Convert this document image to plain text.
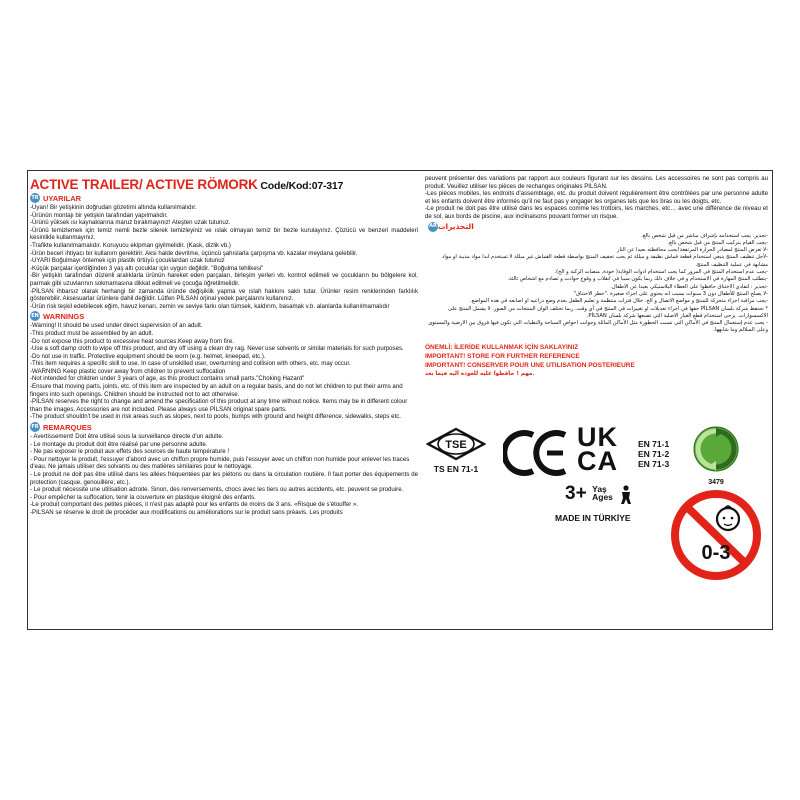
ACTIVE TRAILER/ ACTIVE RÖMORK Code/Kod:07-317
TR UYARILAR

-Uyarı! Bir yetişkinin doğrudan gözetimi altında kullanılmalıdır.

-Ürünün montajı bir yetişkin tarafından yapılmalıdır.

-Ürünü yüksek ısı kaynaklarına maruz bırakmayınız! Ateşten uzak tutunuz.

-Ürünü temizlemek için temiz nemli bezle silerek temizleyiniz ve ıslak olmayan temiz bir bezle kurulayınız. Çözücü ve benzeri maddeleri kesinlikle kullanmayınız.

-Trafikte kullanılmamalıdır. Koruyucu ekipman giyilmelidir. (Kask, dizlik vb.)

-Ürün beceri ihtiyacı bir kullanım gerektirir. Aksi halde devrilme, üçüncü şahıslarla çarpışma vb. kazalar meydana gelebilir.

-UYARI Boğulmayı önlemek için plastik örtüyü çocuklardan uzak tutunuz

-Küçük parçalar içerdiğinden 3 yaş altı çocuklar için uygun değildir. "Boğulma tehlikesi"

-Bir yetişkin tarafından düzenli aralıklarla ürünün hareket eden parçaları, birleşim yerleri vb. kontrol edilmeli ve çocukların bu bölgelere kol, parmak gibi uzuvlarının sokmamasına dikkat edilmeli ve çocuğa öğretilmelidir.

-PİLSAN ihbarsız olarak herhangi bir zamanda üründe değişiklik yapma ve ıslah hakkını saklı tutar. Ürünler resim renklerinden farklılık gösterebilir. Aksesuarlar ürünlere dahil değildir. Lütfen PİLSAN orjinal yedek parçalarını kullanınız.

-Ürün risk teşkil edebilecek eğim, havuz kenarı, zemin ve seviye farkı olan tümsek, kaldırım, basamak v.b. alanlarda kullanılmamalıdır

EN WARNINGS

-Warning! It should be used under direct supervision of an adult.

-This product must be assembled by an adult.

-Do not expose this product to excessive heat sources.Keep away from fire.

-Use a soft damp cloth to wipe off this product, and dry off using a clean dry rag. Never use solvents or similar materials for such purposes.

-Do not use in traffic. Protective equipment should be worn (e.g. helmet, kneepad, etc.).

-This item requires a specific skill to use. In case of unskilled user, overturning and collision with others, etc. may occur.

-WARNING Keep plastic cover away from children to prevent suffocation

-Not intended for children under 3 years of age, as this product contains small parts."Choking Hazard"

-Ensure that moving parts, joints, etc. of this item are inspected by an adult on a regular basis, and do not let children to put their arms and fingers into such openings. Children should be instructed not to act otherwise.

-PILSAN reserves the right to change and amend the specification of this product at any time without notice. Items may be in different colour than the images. Accessories are not included. Please always use PİLSAN original spare parts.

-The product shouldn't be used in risk areas such as slopes, next to pools, bumps with ground and height difference, sidewalks, steps etc.

FR REMARQUES

- Avertissement! Doit être utilisé sous la surveillance directe d'un adulte.

- Le montage du produit doit être réalisé par une personne adulte.

- Ne pas exposer le produit aux effets des sources de haute température !

- Pour nettoyer le produit, l'essuyer d'abord avec un chiffon propre humide, puis l'essuyer avec un chiffon non humide pour enlever les traces d'eau. Ne jamais utiliser des solvants ou des matières similaires pour le nettoyage.

- Le produit ne doit pas être utilisé dans les allées fréquentées par les piétons ou dans la circulation routière. Il faut porter des équipements de protection (casque, genouillère, etc.).

- Le produit nécessite une utilisation adroite. Sinon, des renversements, chocs avec les tiers ou autres accidents, etc. peuvent se produire.

- Pour empêcher la suffocation, tenir la couverture en plastique éloigné des enfants.

-Le produit comportant des petites pièces, il n'est pas adapté pour les enfants de moins de 3 ans. «Risque de s'étouffer ».

-PILSAN se réserve le droit de procéder aux modifications ou améliorations sur le produit sans préavis. Les produits

peuvent présenter des variations par rapport aux couleurs figurant sur les dessins. Les accessoires ne sont pas compris au produit. Veuillez utiliser les pièces de rechanges originales PILSAN.

-Les pièces mobiles, les endroits d'assemblage, etc. du produit doivent régulièrement être contrôlées par une personne adulte et les enfants doivent être informés qu'il ne faut pas y engager les organes tels que les bras ou les doigts, etc.

-Le produit ne doit pas être utilisé dans les espaces comme les trottoirs, les marches, etc… avec une différence de niveau et de sol, aux bords de piscine, aux inclinaisons pouvant former un risque.

AR التحذيرات
-تحذير: يجب استخدامه بإشراف مباشر من قبل شخص بالغ.
-يجب القيام بتركيب المنتج من قبل شخص بالغ.
-لا تعرض المنتج لمصادر الحرارة المرتفعة!يجب محافظته بعيدا عن النار
-لأجل تنظيف المنتج ينبغي استخدام قطعة قماش نظيفة و مبللة ثم يجب تجفيف المنتج بواسطة قطعة القماش غير مبللة لا تستخدم ابدا مواد مذيبة او مواد مشابهة في عملية التنظيف المنتج.
-يجب عدم استخدام المنتج في المرور كما يجب استخدام ادوات الوقاية( خوذة, منصات الركبة و الخ).
-يتطلب المنتج المهارة في الاستخدام و في خلاف ذلك ربما يكون سببا في انقلاب و وقوع حوادث و تصادم مع اشخاص ثالثة.
-تحذير : لتفادي الاختناق حافظوا على الغطاء البلاستيكي بعيدا عن الاطفال.
-لا يصلح المنتج للأطفال دون 3 سنوات بسبب انه يحتوي على اجزاء صغيرة ."خطر الاختناق"
-يجب مراقبة اجزاء متحركة للمنتج و مواضع الاتصال و الخ. خلال فترات منتظمة و تعليم الطفل بعدم وضع ذراعيه او اصابعه في هذه المواضع.
* تحتفظ شركة بلسان PİLSAN حقها في اجراء تعديلات او تغييرات في المنتج في أي وقت. ربما تختلف الوان المنتجات من الصور. لا يشمل المنتج على الاكسسوارات. يرجى استخدام قطع الغيار الاصلية التي تصنعها شركة بلسان PİLSAN.
- يجب عدم إستعمال المنتج في الأماكن التي تسبب الخطورة مثل الأماكن المائلة وجوانب احواض السباحة والنطيات التي تكون فيها فروق بين الارضية والمستوى وعلى السلالم وما شابهها.
ÖNEMLİ: İLERİDE KULLANMAK İÇİN SAKLAYINIZ
IMPORTANT! STORE FOR FURTHER REFERENCE
IMPORTANT! CONSERVER POUR UNE UTILISATION POSTERIEURE
مهم ! حافظوا عليه للعودة اليه فيما بعد.
TSE
TS EN 71-1
UK
CA
EN 71-1
EN 71-2
EN 71-3
3479
3+ Yaş
Ages

MADE IN TÜRKİYE
0-3
